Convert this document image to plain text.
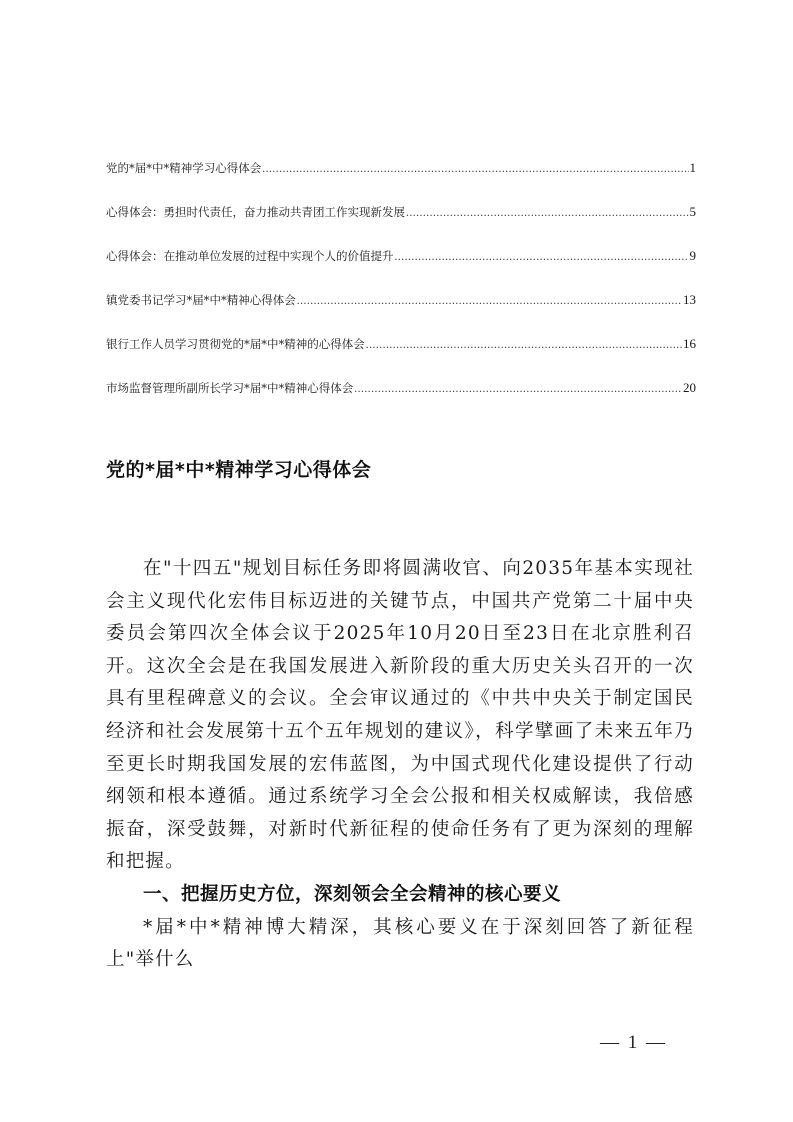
党的*届*中*精神学习心得体会 .....	1
心得体会：勇担时代责任，奋力推动共青团工作实现新发展 .....	5
心得体会：在推动单位发展的过程中实现个人的价值提升 .....	9
镇党委书记学习*届*中*精神心得体会 .....	13
银行工作人员学习贯彻党的*届*中*精神的心得体会 .....	16
市场监督管理所副所长学习*届*中*精神心得体会 .....	20
党的*届*中*精神学习心得体会

在"十四五"规划目标任务即将圆满收官、向2035年基本实现社会主义现代化宏伟目标迈进的关键节点，中国共产党第二十届中央委员会第四次全体会议于2025年10月20日至23日在北京胜利召开。这次全会是在我国发展进入新阶段的重大历史关头召开的一次具有里程碑意义的会议。全会审议通过的《中共中央关于制定国民经济和社会发展第十五个五年规划的建议》，科学擘画了未来五年乃至更长时期我国发展的宏伟蓝图，为中国式现代化建设提供了行动纲领和根本遵循。通过系统学习全会公报和相关权威解读，我倍感振奋，深受鼓舞，对新时代新征程的使命任务有了更为深刻的理解和把握。

一、把握历史方位，深刻领会全会精神的核心要义

*届*中*精神博大精深，其核心要义在于深刻回答了新征程上"举什么

— 1 —
